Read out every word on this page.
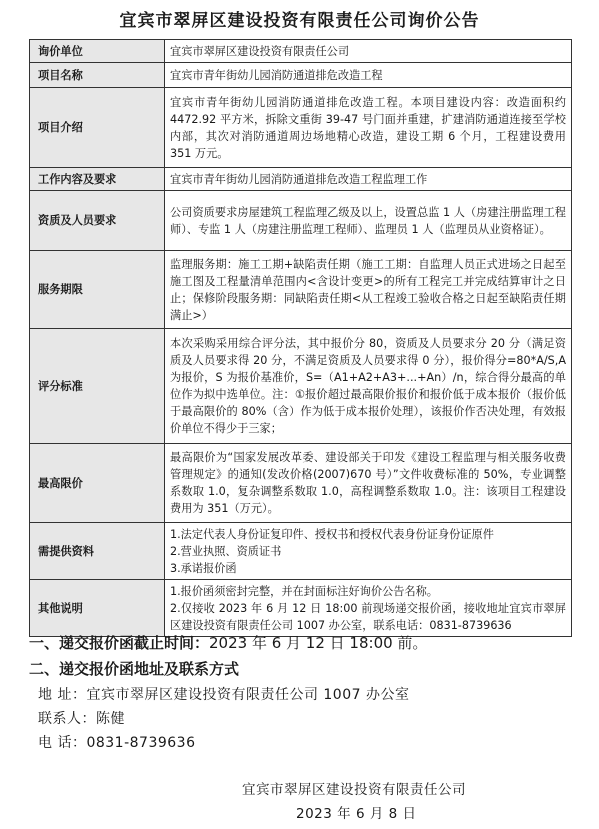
宜宾市翠屏区建设投资有限责任公司询价公告
询价单位	宜宾市翠屏区建设投资有限责任公司

项目名称	宜宾市青年街幼儿园消防通道排危改造工程

项目介绍	宜宾市青年街幼儿园消防通道排危改造工程。本项目建设内容：改造面积约 4472.92 平方米，拆除文重街 39-47 号门面并重建，扩建消防通道连接至学校内部，其次对消防通道周边场地精心改造，建设工期 6 个月，工程建设费用 351 万元。

工作内容及要求	宜宾市青年街幼儿园消防通道排危改造工程监理工作

资质及人员要求	公司资质要求房屋建筑工程监理乙级及以上，设置总监 1 人（房建注册监理工程师）、专监 1 人（房建注册监理工程师）、监理员 1 人（监理员从业资格证）。

服务期限	监理服务期：施工工期+缺陷责任期（施工工期：自监理人员正式进场之日起至施工图及工程量清单范围内<含设计变更>的所有工程完工并完成结算审计之日止；保修阶段服务期：同缺陷责任期<从工程竣工验收合格之日起至缺陷责任期满止>）

评分标准	本次采购采用综合评分法，其中报价分 80，资质及人员要求分 20 分（满足资质及人员要求得 20 分，不满足资质及人员要求得 0 分），报价得分=80*A/S,A 为报价，S 为报价基准价，S=（A1+A2+A3+...+An）/n，综合得分最高的单位作为拟中选单位。注：①报价超过最高限价报价和报价低于成本报价（报价低于最高限价的 80%（含）作为低于成本报价处理），该报价作否决处理，有效报价单位不得少于三家；

最高限价	最高限价为“国家发展改革委、建设部关于印发《建设工程监理与相关服务收费管理规定》的通知(发改价格(2007)670 号）”文件收费标准的 50%，专业调整系数取 1.0，复杂调整系数取 1.0，高程调整系数取 1.0。注：该项目工程建设费用为 351（万元）。

需提供资料	1.法定代表人身份证复印件、授权书和授权代表身份证身份证原件
2.营业执照、资质证书
3.承诺报价函

其他说明	1.报价函须密封完整，并在封面标注好询价公告名称。
2.仅接收 2023 年 6 月 12 日 18:00 前现场递交报价函，接收地址宜宾市翠屏区建设投资有限责任公司 1007 办公室，联系电话：0831-8739636
一、递交报价函截止时间：2023 年 6 月 12 日 18:00 前。
二、递交报价函地址及联系方式
地 址：宜宾市翠屏区建设投资有限责任公司 1007 办公室
联系人：陈健
电 话：0831-8739636
宜宾市翠屏区建设投资有限责任公司
2023 年 6 月 8 日
